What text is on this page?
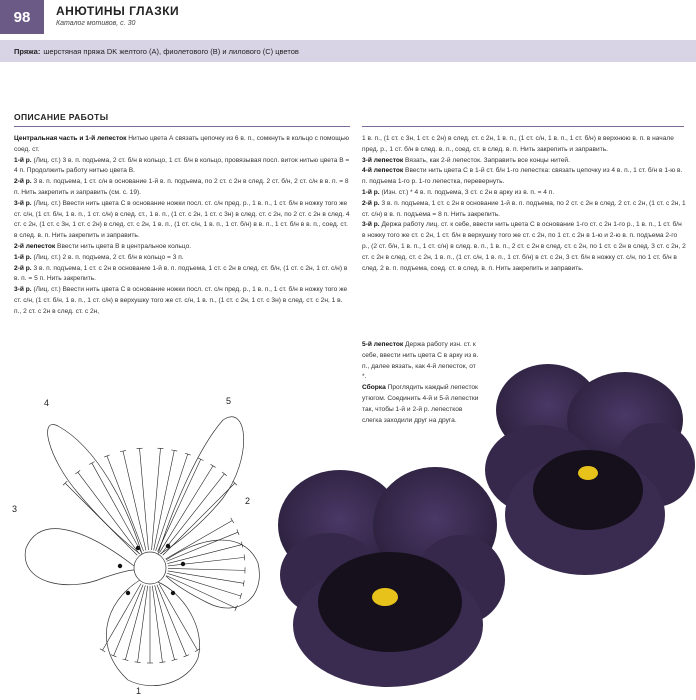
98	АНЮТИНЫ ГЛАЗКИ
Каталог мотивов, с. 30
Пряжа: шерстяная пряжа DK желтого (А), фиолетового (В) и лилового (С) цветов
ОПИСАНИЕ РАБОТЫ

Центральная часть и 1-й лепесток Нитью цвета А связать цепочку из 6 в. п., сомкнуть в кольцо с помощью соед. ст.

1-й р. (Лиц. ст.) 3 в. п. подъема, 2 ст. б/н в кольцо, 1 ст. б/н в кольцо, провязывая посл. виток нитью цвета В = 4 п. Продолжить работу нитью цвета В.

2-й р. 3 в. п. подъема, 1 ст. с/н в основание 1-й в. п. подъема, по 2 ст. с 2н в след. 2 ст. б/н, 2 ст. с/н в в. п. = 8 п. Нить закрепить и заправить (см. с. 19).

3-й р. (Лиц. ст.) Ввести нить цвета С в основание ножки посл. ст. с/н пред. р., 1 в. п., 1 ст. б/н в ножку того же ст. с/н, (1 ст. б/н, 1 в. п., 1 ст. с/н) в след. ст., 1 в. п., (1 ст. с 2н, 1 ст. с 3н) в след. ст. с 2н, по 2 ст. с 2н в след. 4 ст. с 2н, (1 ст. с 3н, 1 ст. с 2н) в след. ст. с 2н, 1 в. п., (1 ст. с/н, 1 в. п., 1 ст. б/н) в в. п., 1 ст. б/н в в. п., соед. ст. в след. в. п. Нить закрепить и заправить.

2-й лепесток Ввести нить цвета В в центральное кольцо.

1-й р. (Лиц. ст.) 2 в. п. подъема, 2 ст. б/н в кольцо = 3 п.

2-й р. 3 в. п. подъема, 1 ст. с 2н в основание 1-й в. п. подъема, 1 ст. с 2н в след. ст. б/н, (1 ст. с 2н, 1 ст. с/н) в в. п. = 5 п. Нить закрепить.

3-й р. (Лиц. ст.) Ввести нить цвета С в основание ножки посл. ст. с/н пред. р., 1 в. п., 1 ст. б/н в ножку того же ст. с/н, (1 ст. б/н, 1 в. п., 1 ст. с/н) в верхушку того же ст. с/н, 1 в. п., (1 ст. с 2н, 1 ст. с 3н) в след. ст. с 2н, 1 в. п., 2 ст. с 2н в след. ст. с 2н,

1 в. п., (1 ст. с 3н, 1 ст. с 2н) в след. ст. с 2н, 1 в. п., (1 ст. с/н, 1 в. п., 1 ст. б/н) в верхнюю в. п. в начале пред. р., 1 ст. б/н в след. в. п., соед. ст. в след. в. п. Нить закрепить и заправить.

3-й лепесток Вязать, как 2-й лепесток. Заправить все концы нитей.

4-й лепесток Ввести нить цвета С в 1-й ст. б/н 1-го лепестка: связать цепочку из 4 в. п., 1 ст. б/н в 1-ю в. п. подъема 1-го р. 1-го лепестка, перевернуть.

1-й р. (Изн. ст.) * 4 в. п. подъема, 3 ст. с 2н в арку из в. п. = 4 п.

2-й р. 3 в. п. подъема, 1 ст. с 2н в основание 1-й в. п. подъема, по 2 ст. с 2н в след. 2 ст. с 2н, (1 ст. с 2н, 1 ст. с/н) в в. п. подъема = 8 п. Нить закрепить.

3-й р. Держа работу лиц. ст. к себе, ввести нить цвета С в основание 1-го ст. с 2н 1-го р., 1 в. п., 1 ст. б/н в ножку того же ст. с 2н, 1 ст. б/н в верхушку того же ст. с 2н, по 1 ст. с 2н в 1-ю и 2-ю в. п. подъема 2-го р., (2 ст. б/н, 1 в. п., 1 ст. с/н) в след. в. п., 1 в. п., 2 ст. с 2н в след. ст. с 2н, по 1 ст. с 2н в след. 3 ст. с 2н, 2 ст. с 2н в след. ст. с 2н, 1 в. п., (1 ст. с/н, 1 в. п., 1 ст. б/н) в ст. с 2н, 3 ст. б/н в ножку ст. с/н, по 1 ст. б/н в след. 2 в. п. подъема, соед. ст. в след. в. п. Нить закрепить и заправить.

5-й лепесток Держа работу изн. ст. к себе, ввести нить цвета С в арку из в. п., далее вязать, как 4-й лепесток, от *.

Сборка Проглядить каждый лепесток утюгом. Соединить 4-й и 5-й лепестки так, чтобы 1-й и 2-й р. лепестков слегка заходили друг на друга.

1
2
3
4	5
